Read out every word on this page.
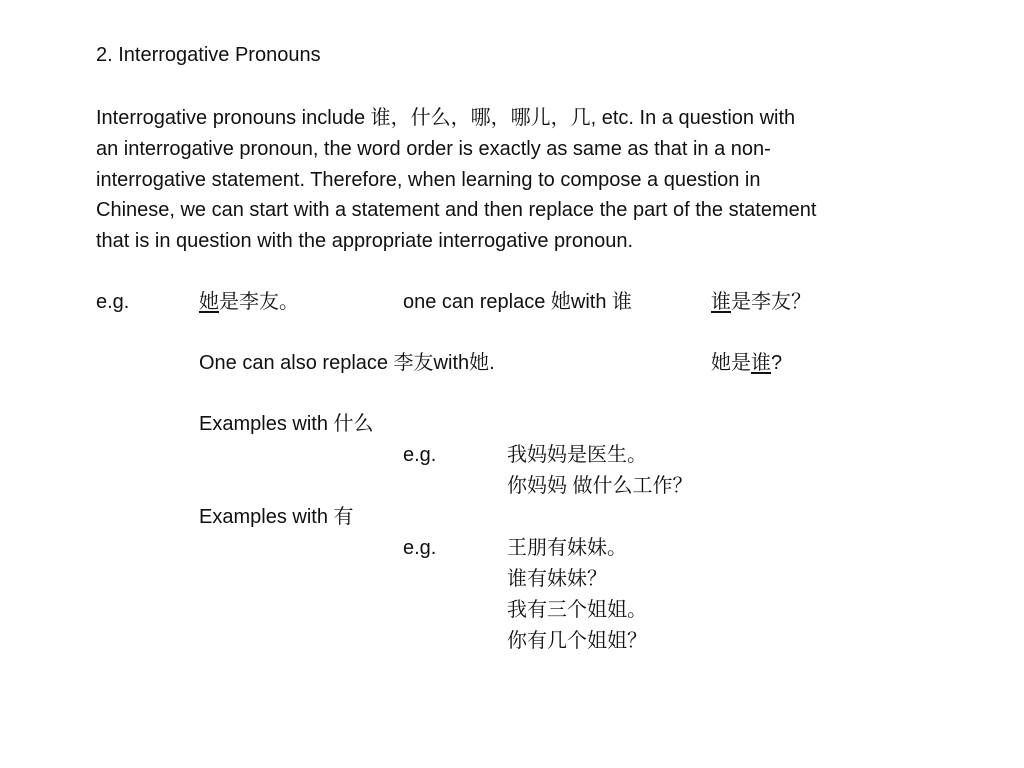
2. Interrogative Pronouns
Interrogative pronouns include 谁，什么，哪，哪儿，几, etc. In a question with
an interrogative pronoun, the word order is exactly as same as that in a non-
interrogative statement. Therefore, when learning to compose a question in
Chinese, we can start with a statement and then replace the part of the statement
that is in question with the appropriate interrogative pronoun.
e.g.	她是李友。	one can replace 她with 谁	谁是李友？
One can also replace 李友with她.	她是谁?
Examples with 什么
e.g.	我妈妈是医生。
你妈妈 做什么工作？
Examples with 有
e.g.	王朋有妹妹。
谁有妹妹？
我有三个姐姐。
你有几个姐姐？
